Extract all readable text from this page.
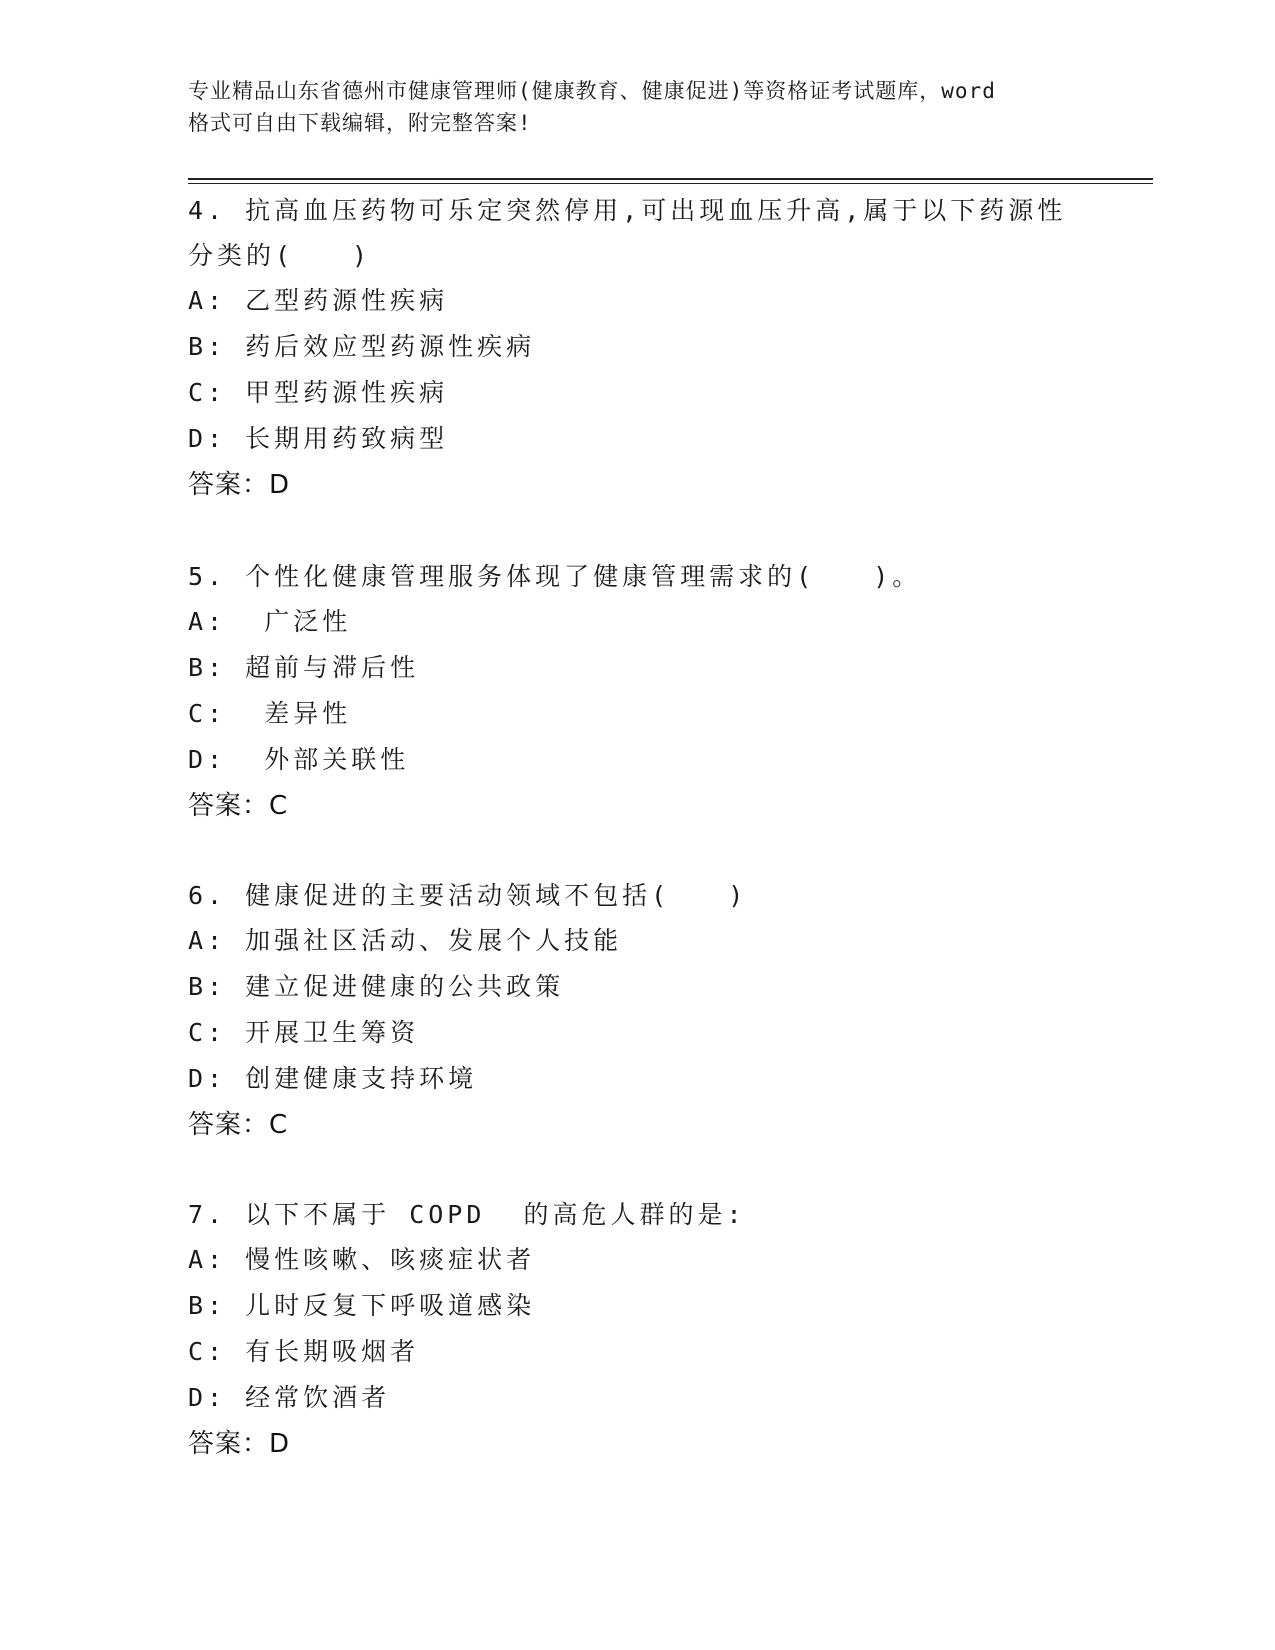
专业精品山东省德州市健康管理师(健康教育、健康促进)等资格证考试题库，word
格式可自由下载编辑，附完整答案!
4. 抗高血压药物可乐定突然停用,可出现血压升高,属于以下药源性分类的(　　)
A: 乙型药源性疾病
B: 药后效应型药源性疾病
C: 甲型药源性疾病
D: 长期用药致病型
答案：D
5. 个性化健康管理服务体现了健康管理需求的(　　)。
A:  广泛性
B: 超前与滞后性
C:  差异性
D:  外部关联性
答案：C
6. 健康促进的主要活动领域不包括(　　)
A: 加强社区活动、发展个人技能
B: 建立促进健康的公共政策
C: 开展卫生筹资
D: 创建健康支持环境
答案：C
7. 以下不属于 COPD  的高危人群的是:
A: 慢性咳嗽、咳痰症状者
B: 儿时反复下呼吸道感染
C: 有长期吸烟者
D: 经常饮酒者
答案：D
